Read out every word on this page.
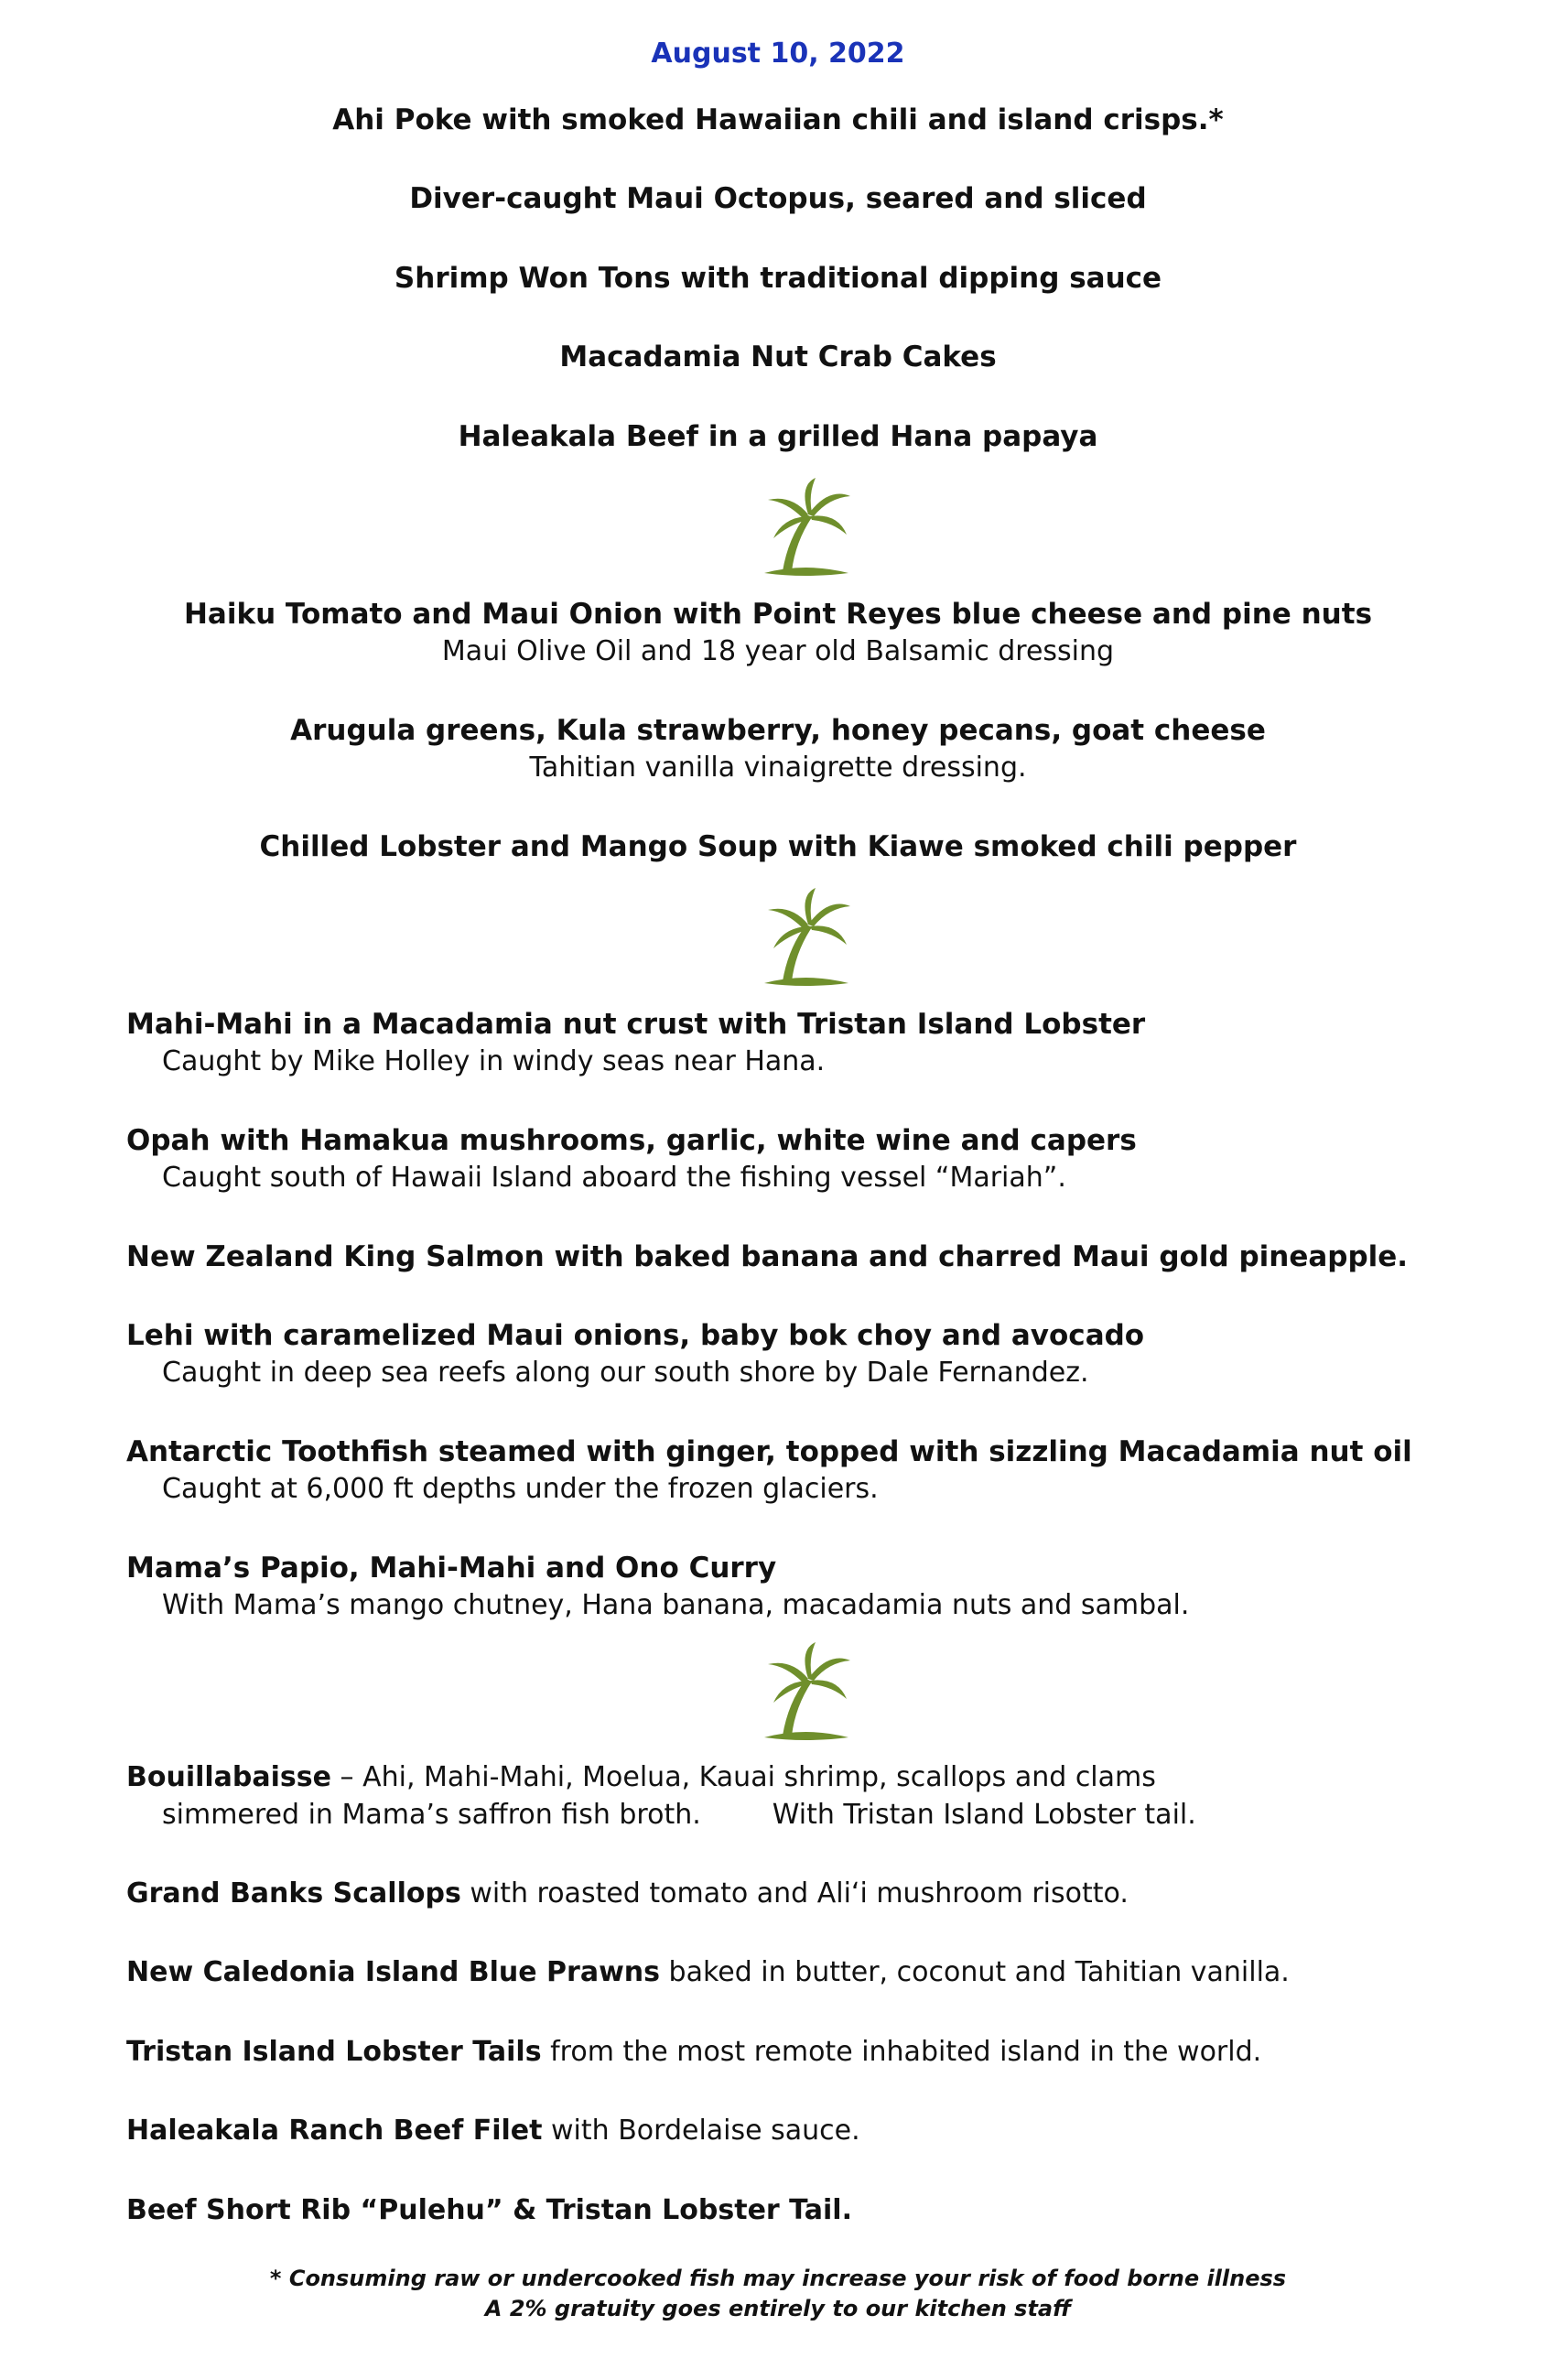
August 10, 2022
Ahi Poke with smoked Hawaiian chili and island crisps.*
Diver-caught Maui Octopus, seared and sliced
Shrimp Won Tons with traditional dipping sauce
Macadamia Nut Crab Cakes
Haleakala Beef in a grilled Hana papaya
Haiku Tomato and Maui Onion with Point Reyes blue cheese and pine nuts
Maui Olive Oil and 18 year old Balsamic dressing
Arugula greens, Kula strawberry, honey pecans, goat cheese
Tahitian vanilla vinaigrette dressing.
Chilled Lobster and Mango Soup with Kiawe smoked chili pepper
Mahi-Mahi in a Macadamia nut crust with Tristan Island Lobster
Caught by Mike Holley in windy seas near Hana.
Opah with Hamakua mushrooms, garlic, white wine and capers
Caught south of Hawaii Island aboard the fishing vessel “Mariah”.
New Zealand King Salmon with baked banana and charred Maui gold pineapple.
Lehi with caramelized Maui onions, baby bok choy and avocado
Caught in deep sea reefs along our south shore by Dale Fernandez.
Antarctic Toothfish steamed with ginger, topped with sizzling Macadamia nut oil
Caught at 6,000 ft depths under the frozen glaciers.
Mama’s Papio, Mahi-Mahi and Ono Curry
With Mama’s mango chutney, Hana banana, macadamia nuts and sambal.
Bouillabaisse – Ahi, Mahi-Mahi, Moelua, Kauai shrimp, scallops and clams
simmered in Mama’s saffron fish broth.	With Tristan Island Lobster tail.
Grand Banks Scallops with roasted tomato and Ali‘i mushroom risotto.
New Caledonia Island Blue Prawns baked in butter, coconut and Tahitian vanilla.
Tristan Island Lobster Tails from the most remote inhabited island in the world.
Haleakala Ranch Beef Filet with Bordelaise sauce.
Beef Short Rib “Pulehu” & Tristan Lobster Tail.
* Consuming raw or undercooked fish may increase your risk of food borne illness
A 2% gratuity goes entirely to our kitchen staff
